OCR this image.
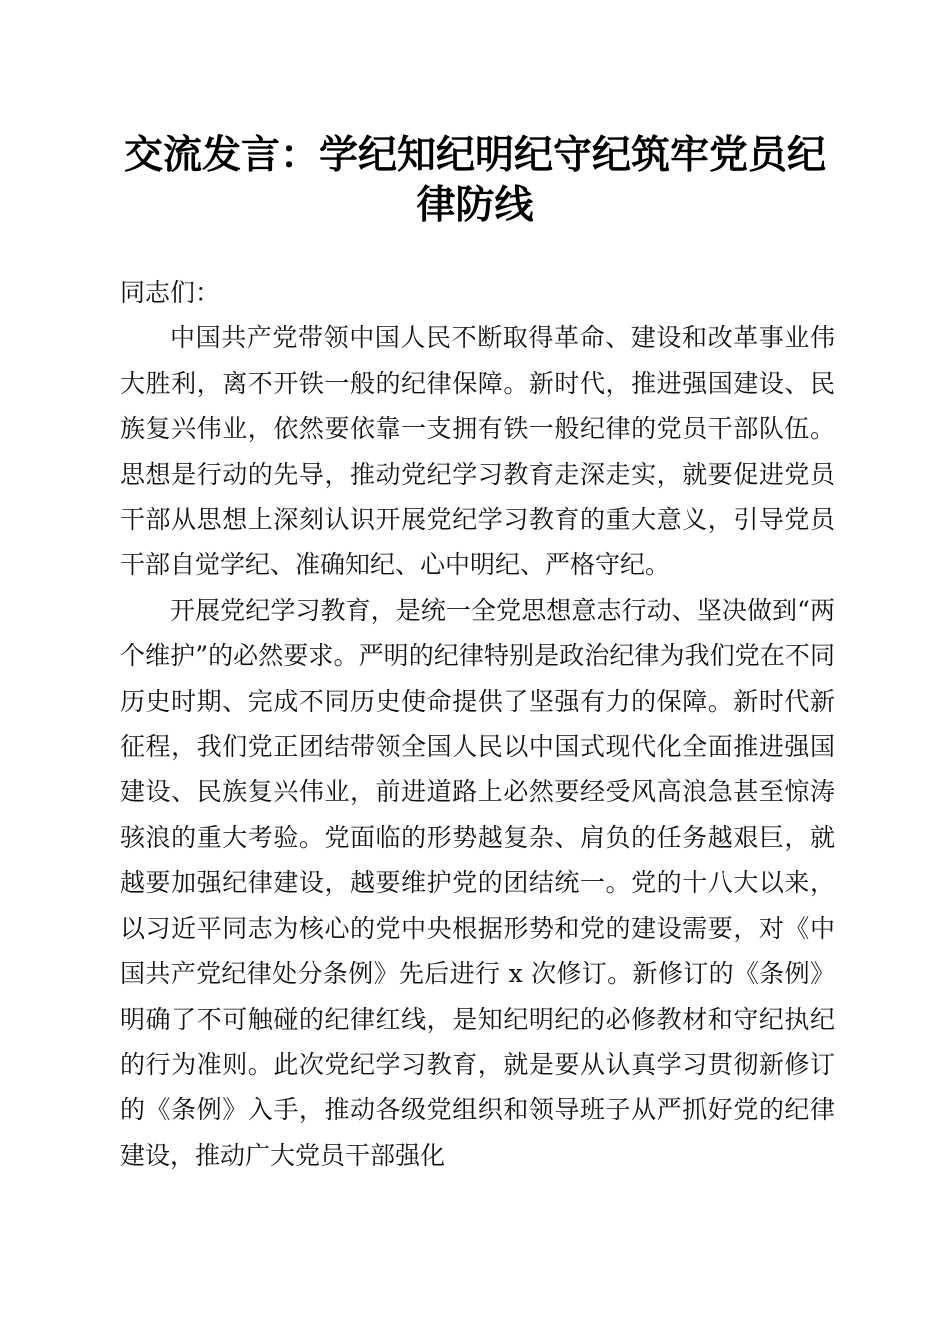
交流发言：学纪知纪明纪守纪筑牢党员纪律防线

同志们：

中国共产党带领中国人民不断取得革命、建设和改革事业伟大胜利，离不开铁一般的纪律保障。新时代，推进强国建设、民族复兴伟业，依然要依靠一支拥有铁一般纪律的党员干部队伍。思想是行动的先导，推动党纪学习教育走深走实，就要促进党员干部从思想上深刻认识开展党纪学习教育的重大意义，引导党员干部自觉学纪、准确知纪、心中明纪、严格守纪。

开展党纪学习教育，是统一全党思想意志行动、坚决做到“两个维护”的必然要求。严明的纪律特别是政治纪律为我们党在不同历史时期、完成不同历史使命提供了坚强有力的保障。新时代新征程，我们党正团结带领全国人民以中国式现代化全面推进强国建设、民族复兴伟业，前进道路上必然要经受风高浪急甚至惊涛骇浪的重大考验。党面临的形势越复杂、肩负的任务越艰巨，就越要加强纪律建设，越要维护党的团结统一。党的十八大以来，以习近平同志为核心的党中央根据形势和党的建设需要，对《中国共产党纪律处分条例》先后进行 x 次修订。新修订的《条例》明确了不可触碰的纪律红线，是知纪明纪的必修教材和守纪执纪的行为准则。此次党纪学习教育，就是要从认真学习贯彻新修订的《条例》入手，推动各级党组织和领导班子从严抓好党的纪律建设，推动广大党员干部强化
